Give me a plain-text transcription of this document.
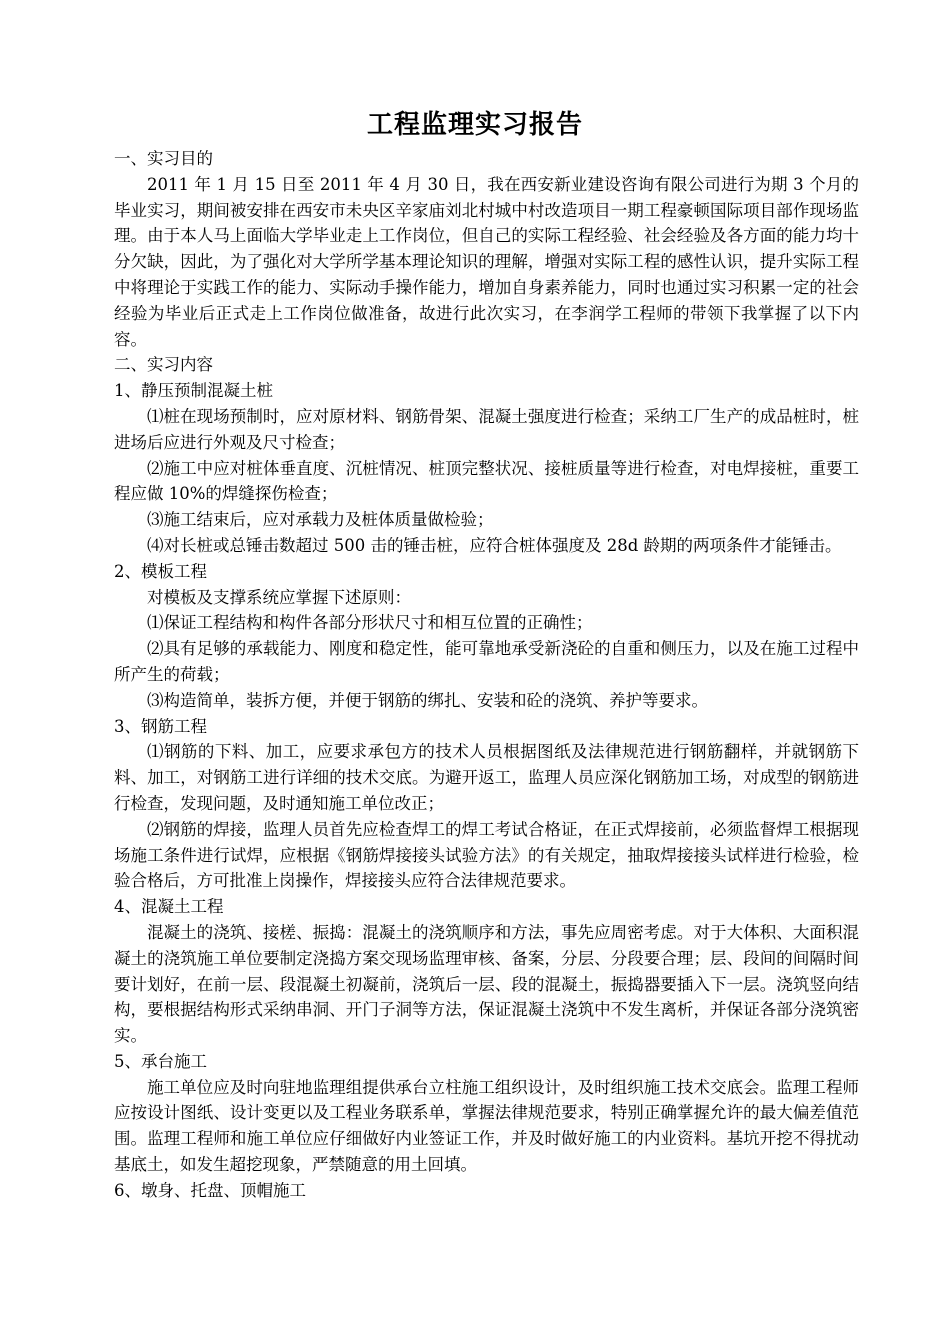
工程监理实习报告

一、实习目的

2011 年 1 月 15 日至 2011 年 4 月 30 日，我在西安新业建设咨询有限公司进行为期 3 个月的毕业实习，期间被安排在西安市未央区辛家庙刘北村城中村改造项目一期工程豪顿国际项目部作现场监理。由于本人马上面临大学毕业走上工作岗位，但自己的实际工程经验、社会经验及各方面的能力均十分欠缺，因此，为了强化对大学所学基本理论知识的理解，增强对实际工程的感性认识，提升实际工程中将理论于实践工作的能力、实际动手操作能力，增加自身素养能力，同时也通过实习积累一定的社会经验为毕业后正式走上工作岗位做准备，故进行此次实习，在李润学工程师的带领下我掌握了以下内容。

二、实习内容

1、静压预制混凝土桩

⑴桩在现场预制时，应对原材料、钢筋骨架、混凝土强度进行检查；采纳工厂生产的成品桩时，桩进场后应进行外观及尺寸检查；

⑵施工中应对桩体垂直度、沉桩情况、桩顶完整状况、接桩质量等进行检查，对电焊接桩，重要工程应做 10%的焊缝探伤检查；

⑶施工结束后，应对承载力及桩体质量做检验；

⑷对长桩或总锤击数超过 500 击的锤击桩，应符合桩体强度及 28d 龄期的两项条件才能锤击。

2、模板工程

对模板及支撑系统应掌握下述原则：

⑴保证工程结构和构件各部分形状尺寸和相互位置的正确性；

⑵具有足够的承载能力、刚度和稳定性，能可靠地承受新浇砼的自重和侧压力，以及在施工过程中所产生的荷载；

⑶构造简单，装拆方便，并便于钢筋的绑扎、安装和砼的浇筑、养护等要求。

3、钢筋工程

⑴钢筋的下料、加工，应要求承包方的技术人员根据图纸及法律规范进行钢筋翻样，并就钢筋下料、加工，对钢筋工进行详细的技术交底。为避开返工，监理人员应深化钢筋加工场，对成型的钢筋进行检查，发现问题，及时通知施工单位改正；

⑵钢筋的焊接，监理人员首先应检查焊工的焊工考试合格证，在正式焊接前，必须监督焊工根据现场施工条件进行试焊，应根据《钢筋焊接接头试验方法》的有关规定，抽取焊接接头试样进行检验，检验合格后，方可批准上岗操作，焊接接头应符合法律规范要求。

4、混凝土工程

混凝土的浇筑、接槎、振捣：混凝土的浇筑顺序和方法，事先应周密考虑。对于大体积、大面积混凝土的浇筑施工单位要制定浇捣方案交现场监理审核、备案，分层、分段要合理；层、段间的间隔时间要计划好，在前一层、段混凝土初凝前，浇筑后一层、段的混凝土，振捣器要插入下一层。浇筑竖向结构，要根据结构形式采纳串洞、开门子洞等方法，保证混凝土浇筑中不发生离析，并保证各部分浇筑密实。

5、承台施工

施工单位应及时向驻地监理组提供承台立柱施工组织设计，及时组织施工技术交底会。监理工程师应按设计图纸、设计变更以及工程业务联系单，掌握法律规范要求，特别正确掌握允许的最大偏差值范围。监理工程师和施工单位应仔细做好内业签证工作，并及时做好施工的内业资料。基坑开挖不得扰动基底土，如发生超挖现象，严禁随意的用土回填。

6、墩身、托盘、顶帽施工
